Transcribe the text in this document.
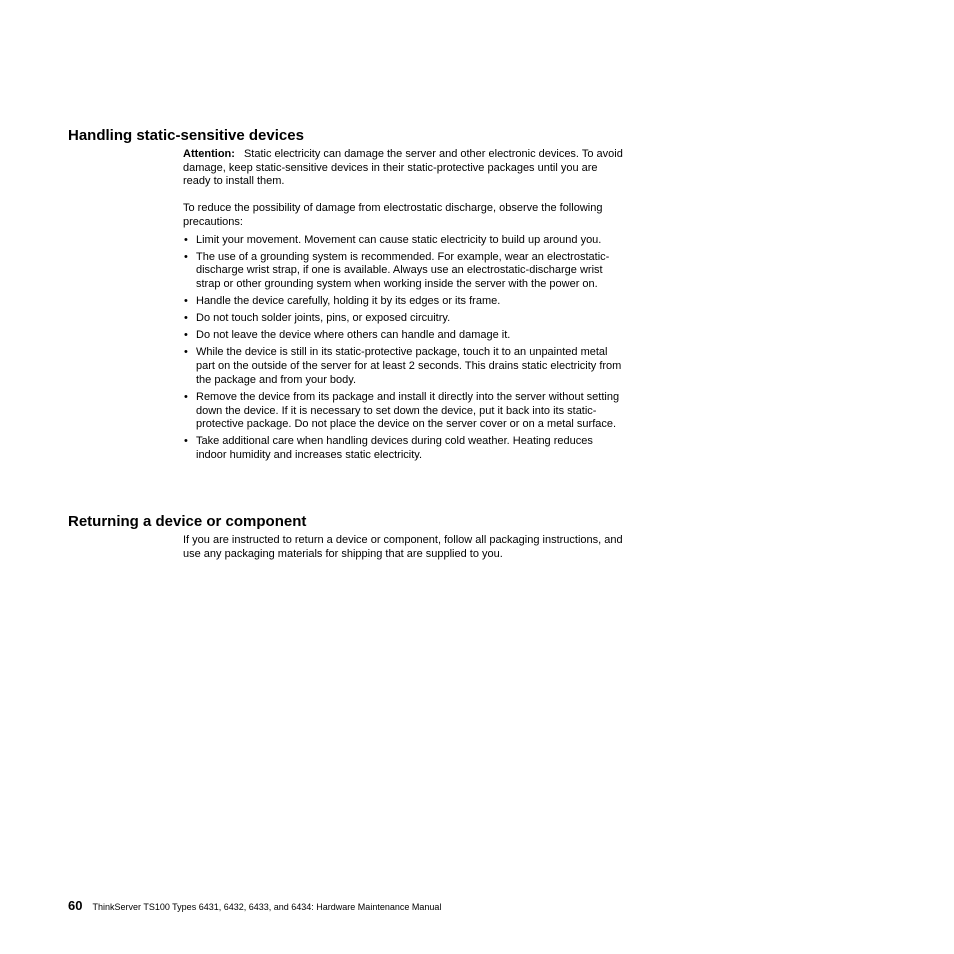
Handling static-sensitive devices

Attention: Static electricity can damage the server and other electronic devices. To avoid damage, keep static-sensitive devices in their static-protective packages until you are ready to install them.

To reduce the possibility of damage from electrostatic discharge, observe the following precautions:

• Limit your movement. Movement can cause static electricity to build up around you.
• The use of a grounding system is recommended. For example, wear an electrostatic-discharge wrist strap, if one is available. Always use an electrostatic-discharge wrist strap or other grounding system when working inside the server with the power on.
• Handle the device carefully, holding it by its edges or its frame.
• Do not touch solder joints, pins, or exposed circuitry.
• Do not leave the device where others can handle and damage it.
• While the device is still in its static-protective package, touch it to an unpainted metal part on the outside of the server for at least 2 seconds. This drains static electricity from the package and from your body.
• Remove the device from its package and install it directly into the server without setting down the device. If it is necessary to set down the device, put it back into its static-protective package. Do not place the device on the server cover or on a metal surface.
• Take additional care when handling devices during cold weather. Heating reduces indoor humidity and increases static electricity.
Returning a device or component

If you are instructed to return a device or component, follow all packaging instructions, and use any packaging materials for shipping that are supplied to you.

60 ThinkServer TS100 Types 6431, 6432, 6433, and 6434: Hardware Maintenance Manual
